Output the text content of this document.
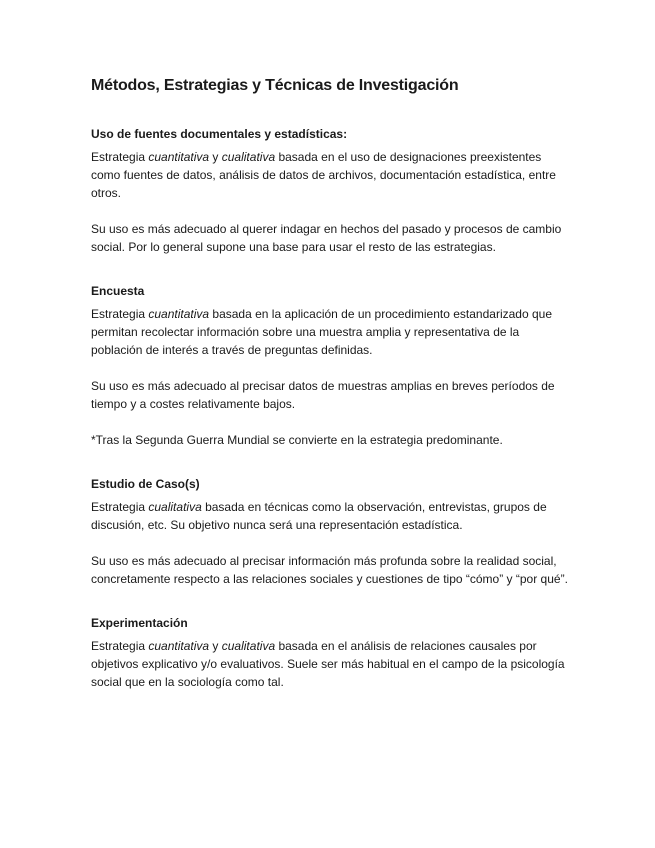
Métodos, Estrategias y Técnicas de Investigación
Uso de fuentes documentales y estadísticas:

Estrategia cuantitativa y cualitativa basada en el uso de designaciones preexistentes como fuentes de datos, análisis de datos de archivos, documentación estadística, entre otros.

Su uso es más adecuado al querer indagar en hechos del pasado y procesos de cambio social. Por lo general supone una base para usar el resto de las estrategias.

Encuesta

Estrategia cuantitativa basada en la aplicación de un procedimiento estandarizado que permitan recolectar información sobre una muestra amplia y representativa de la población de interés a través de preguntas definidas.

Su uso es más adecuado al precisar datos de muestras amplias en breves períodos de tiempo y a costes relativamente bajos.

*Tras la Segunda Guerra Mundial se convierte en la estrategia predominante.

Estudio de Caso(s)

Estrategia cualitativa basada en técnicas como la observación, entrevistas, grupos de discusión, etc. Su objetivo nunca será una representación estadística.

Su uso es más adecuado al precisar información más profunda sobre la realidad social, concretamente respecto a las relaciones sociales y cuestiones de tipo “cómo” y “por qué”.

Experimentación

Estrategia cuantitativa y cualitativa basada en el análisis de relaciones causales por objetivos explicativo y/o evaluativos. Suele ser más habitual en el campo de la psicología social que en la sociología como tal.
